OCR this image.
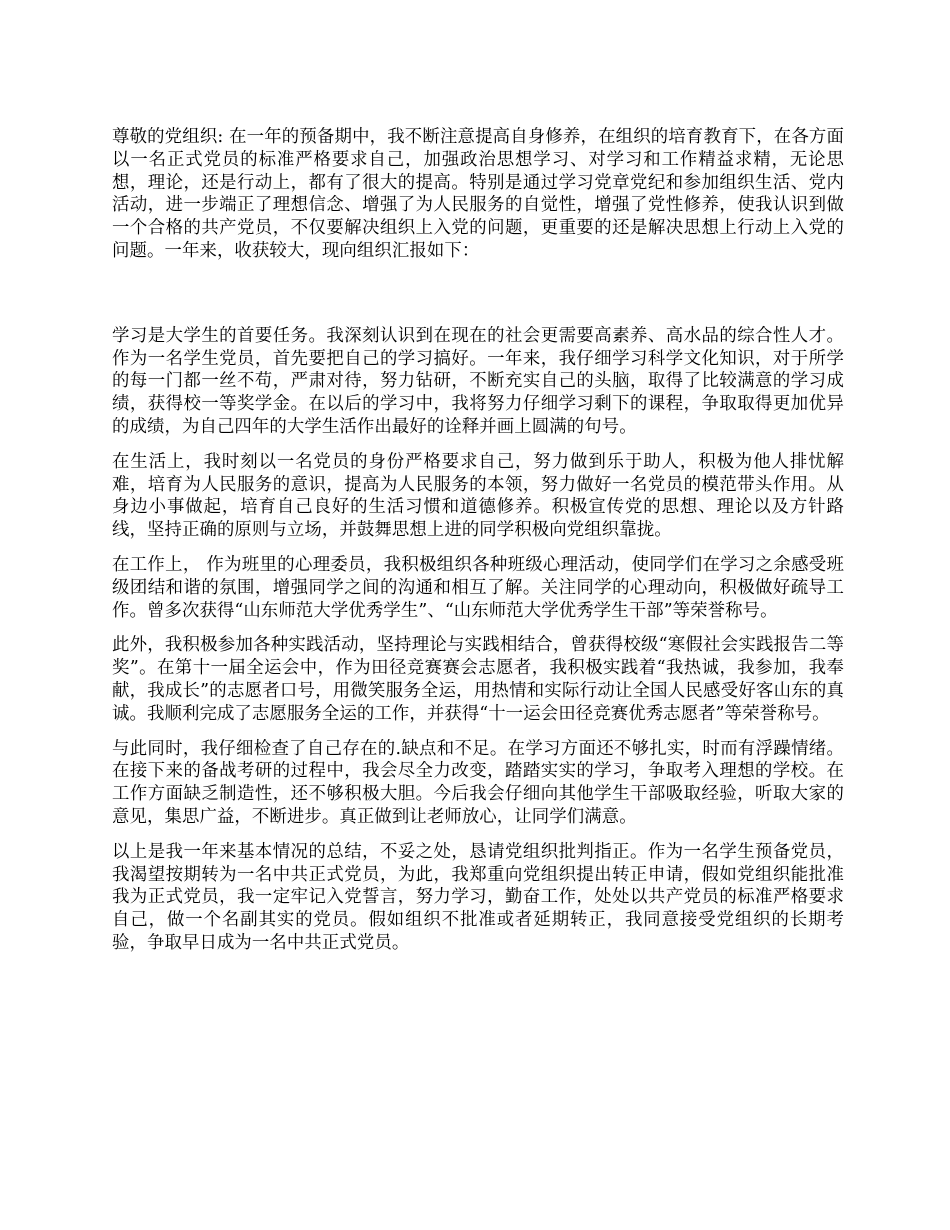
尊敬的党组织: 在一年的预备期中，我不断注意提高自身修养，在组织的培育教育下，在各方面以一名正式党员的标准严格要求自己，加强政治思想学习、对学习和工作精益求精，无论思想，理论，还是行动上，都有了很大的提高。特别是通过学习党章党纪和参加组织生活、党内活动，进一步端正了理想信念、增强了为人民服务的自觉性，增强了党性修养，使我认识到做一个合格的共产党员，不仅要解决组织上入党的问题，更重要的还是解决思想上行动上入党的问题。一年来，收获较大，现向组织汇报如下：

学习是大学生的首要任务。我深刻认识到在现在的社会更需要高素养、高水品的综合性人才。作为一名学生党员，首先要把自己的学习搞好。一年来，我仔细学习科学文化知识，对于所学的每一门都一丝不苟，严肃对待，努力钻研，不断充实自己的头脑，取得了比较满意的学习成绩，获得校一等奖学金。在以后的学习中，我将努力仔细学习剩下的课程，争取取得更加优异的成绩，为自己四年的大学生活作出最好的诠释并画上圆满的句号。

在生活上，我时刻以一名党员的身份严格要求自己，努力做到乐于助人，积极为他人排忧解难，培育为人民服务的意识，提高为人民服务的本领，努力做好一名党员的模范带头作用。从身边小事做起，培育自己良好的生活习惯和道德修养。积极宣传党的思想、理论以及方针路线，坚持正确的原则与立场，并鼓舞思想上进的同学积极向党组织靠拢。

在工作上， 作为班里的心理委员，我积极组织各种班级心理活动，使同学们在学习之余感受班级团结和谐的氛围，增强同学之间的沟通和相互了解。关注同学的心理动向，积极做好疏导工作。曾多次获得“山东师范大学优秀学生”、“山东师范大学优秀学生干部”等荣誉称号。

此外，我积极参加各种实践活动，坚持理论与实践相结合，曾获得校级“寒假社会实践报告二等奖”。在第十一届全运会中，作为田径竞赛赛会志愿者，我积极实践着“我热诚，我参加，我奉献，我成长”的志愿者口号，用微笑服务全运，用热情和实际行动让全国人民感受好客山东的真诚。我顺利完成了志愿服务全运的工作，并获得“十一运会田径竞赛优秀志愿者”等荣誉称号。

与此同时，我仔细检查了自己存在的.缺点和不足。在学习方面还不够扎实，时而有浮躁情绪。在接下来的备战考研的过程中，我会尽全力改变，踏踏实实的学习，争取考入理想的学校。在工作方面缺乏制造性，还不够积极大胆。今后我会仔细向其他学生干部吸取经验，听取大家的意见，集思广益，不断进步。真正做到让老师放心，让同学们满意。

以上是我一年来基本情况的总结，不妥之处，恳请党组织批判指正。作为一名学生预备党员，我渴望按期转为一名中共正式党员，为此，我郑重向党组织提出转正申请，假如党组织能批准我为正式党员，我一定牢记入党誓言，努力学习，勤奋工作，处处以共产党员的标准严格要求自己，做一个名副其实的党员。假如组织不批准或者延期转正，我同意接受党组织的长期考验，争取早日成为一名中共正式党员。
